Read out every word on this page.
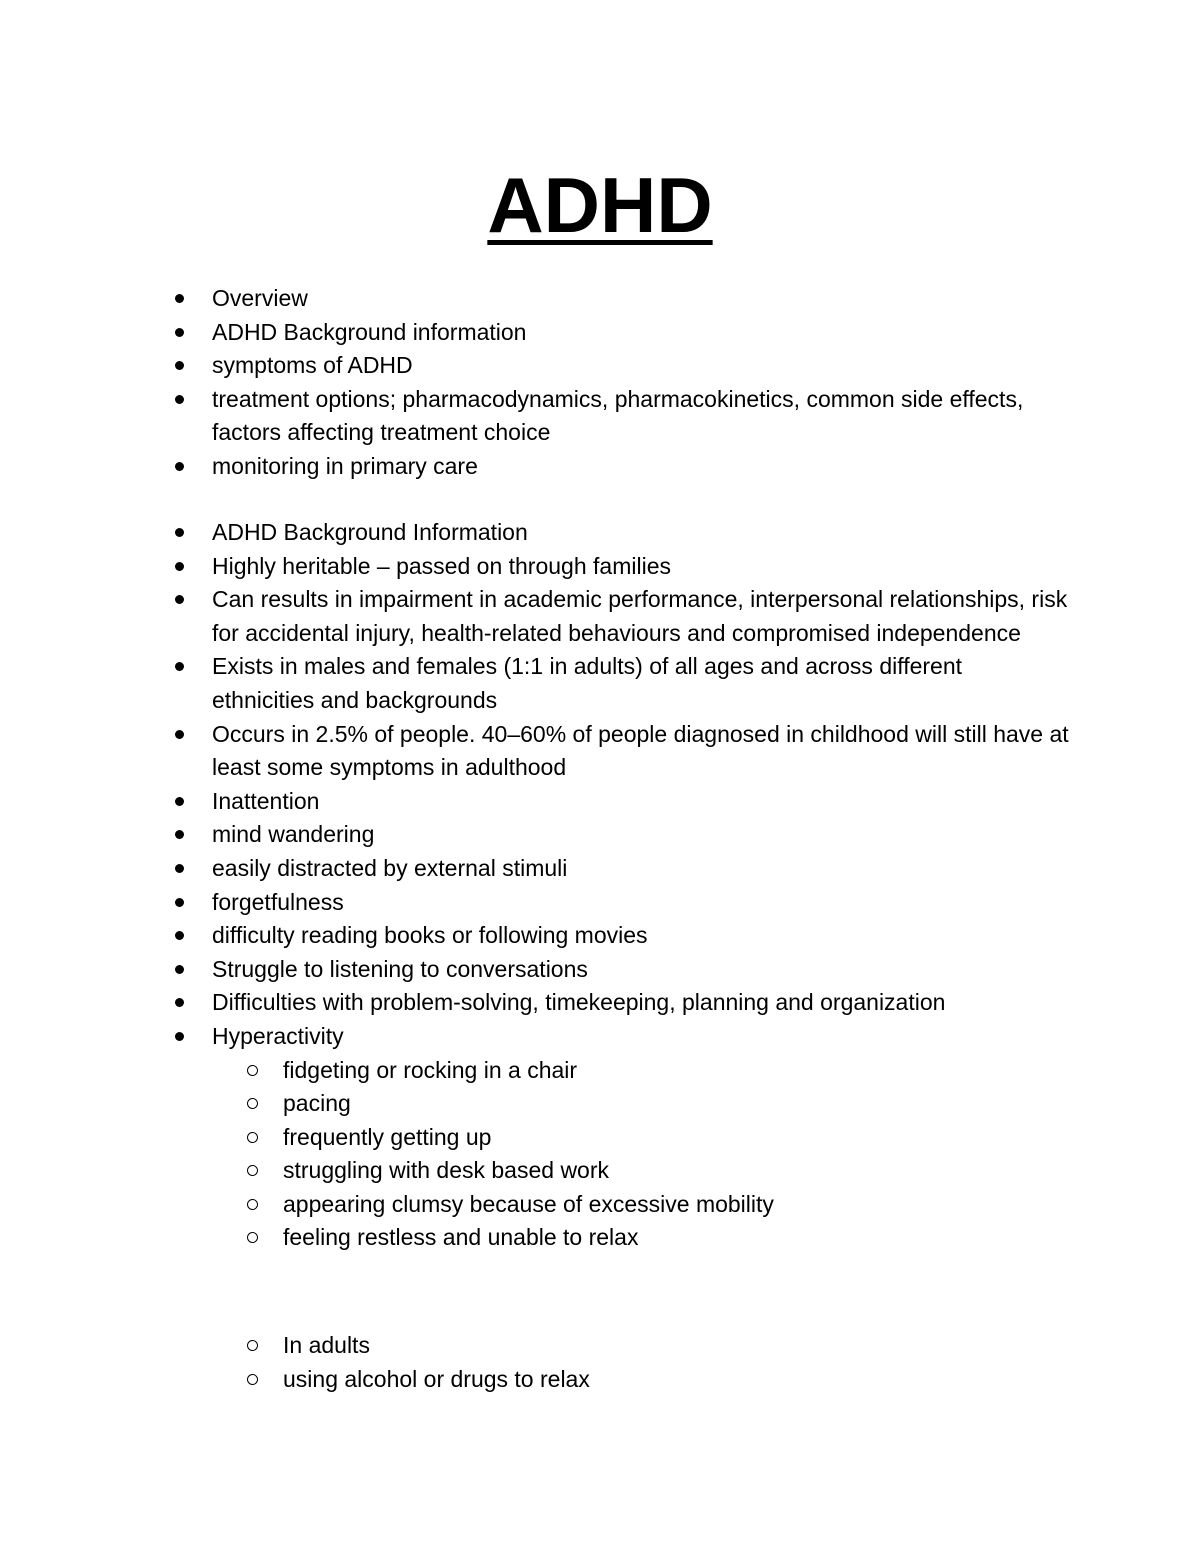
ADHD
Overview
ADHD Background information
symptoms of ADHD
treatment options; pharmacodynamics, pharmacokinetics, common side effects, factors affecting treatment choice
monitoring in primary care
ADHD Background Information
Highly heritable – passed on through families
Can results in impairment in academic performance, interpersonal relationships, risk for accidental injury, health-related behaviours and compromised independence
Exists in males and females (1:1 in adults) of all ages and across different ethnicities and backgrounds
Occurs in 2.5% of people. 40–60% of people diagnosed in childhood will still have at least some symptoms in adulthood
Inattention
mind wandering
easily distracted by external stimuli
forgetfulness
difficulty reading books or following movies
Struggle to listening to conversations
Difficulties with problem-solving, timekeeping, planning and organization
Hyperactivity
fidgeting or rocking in a chair
pacing
frequently getting up
struggling with desk based work
appearing clumsy because of excessive mobility
feeling restless and unable to relax
In adults
using alcohol or drugs to relax
